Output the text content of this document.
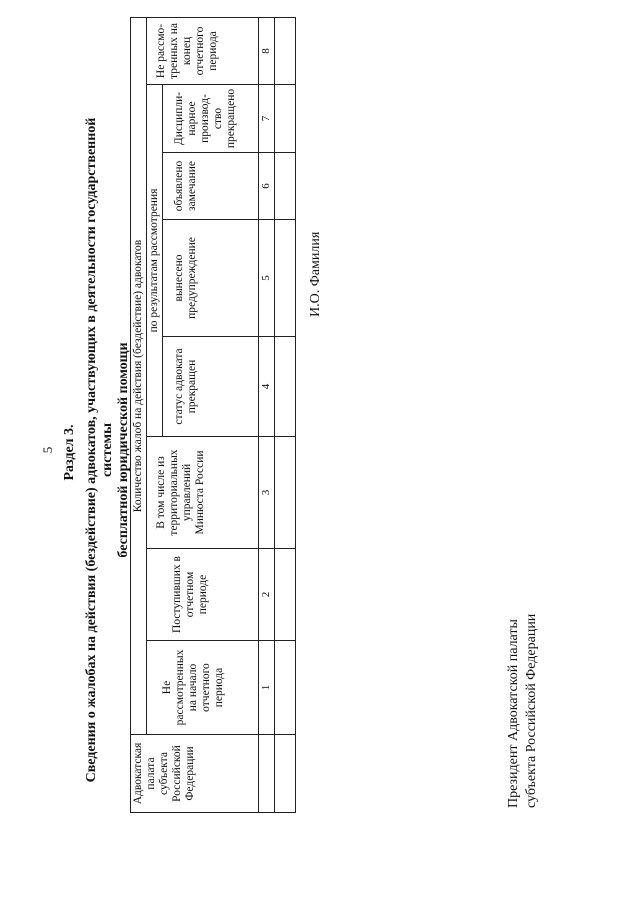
5 Раздел 3. Сведения о жалобах на действия (бездействие) адвокатов, участвующих в деятельности государственной системы бесплатной юридической помощи
Адвокатская палата субъекта Российской Федерации	Количество жалоб на действия (бездействие) адвокатов							
	Не рассмотренных на начало отчетного периода	Поступивших в отчетном периоде	В том числе из территориальных управлений Минюста России	по результатам рассмотрения				Не рассмо-тренных на конец отчетного периода
				статус адвоката прекращен	вынесено предупреждение	объявлено замечание	Дисципли-нарное производ-ство прекращено	
	1	2	3	4	5	6	7	8

Президент Адвокатской палаты субъекта Российской Федерации
И.О. Фамилия
